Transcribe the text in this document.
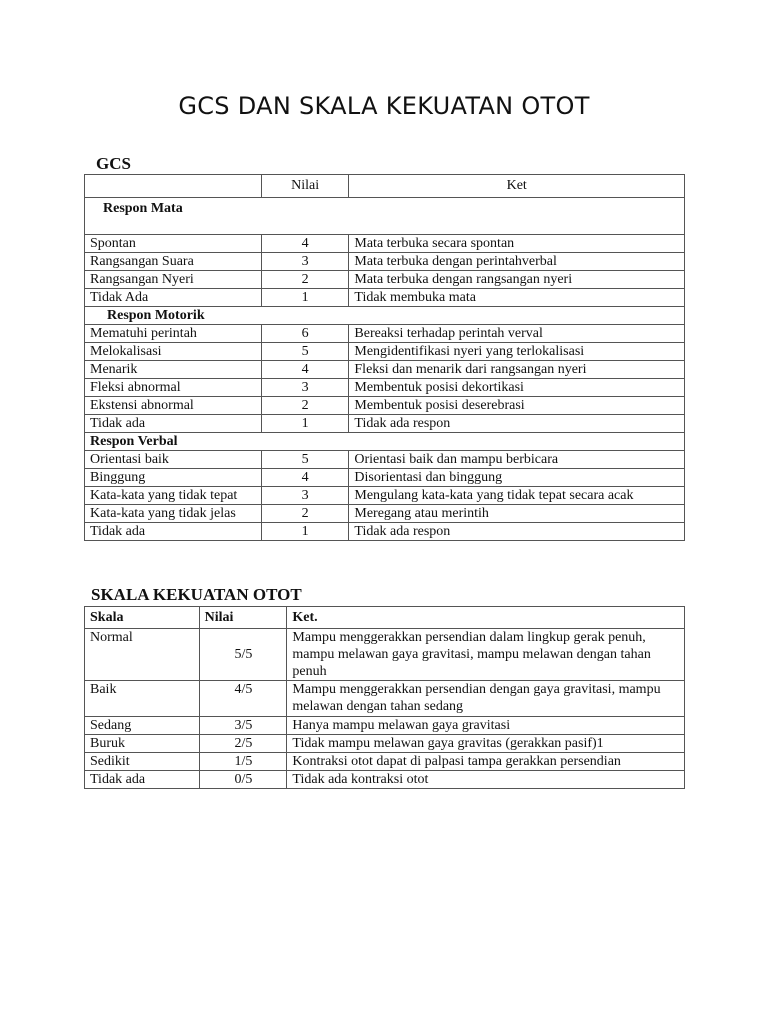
GCS DAN SKALA KEKUATAN OTOT
GCS
	Nilai	Ket
Respon Mata		
Spontan	4	Mata terbuka secara spontan
Rangsangan Suara	3	Mata terbuka dengan perintahverbal
Rangsangan Nyeri	2	Mata terbuka dengan rangsangan nyeri
Tidak Ada	1	Tidak membuka mata
Respon Motorik		
Mematuhi perintah	6	Bereaksi terhadap perintah verval
Melokalisasi	5	Mengidentifikasi nyeri yang terlokalisasi
Menarik	4	Fleksi dan menarik dari rangsangan nyeri
Fleksi abnormal	3	Membentuk posisi dekortikasi
Ekstensi abnormal	2	Membentuk posisi deserebrasi
Tidak ada	1	Tidak ada respon
Respon Verbal		
Orientasi baik	5	Orientasi baik dan mampu berbicara
Binggung	4	Disorientasi dan binggung
Kata-kata yang tidak tepat	3	Mengulang kata-kata yang tidak tepat secara acak
Kata-kata yang tidak jelas	2	Meregang atau merintih
Tidak ada	1	Tidak ada respon
SKALA KEKUATAN OTOT
Skala	Nilai	Ket.
Normal	5/5	Mampu menggerakkan persendian dalam lingkup gerak penuh, mampu melawan gaya gravitasi, mampu melawan dengan tahan penuh
Baik	4/5	Mampu menggerakkan persendian dengan gaya gravitasi, mampu melawan dengan tahan sedang
Sedang	3/5	Hanya mampu melawan gaya gravitasi
Buruk	2/5	Tidak mampu melawan gaya gravitas (gerakkan pasif)1
Sedikit	1/5	Kontraksi otot dapat di palpasi tampa gerakkan persendian
Tidak ada	0/5	Tidak ada kontraksi otot
